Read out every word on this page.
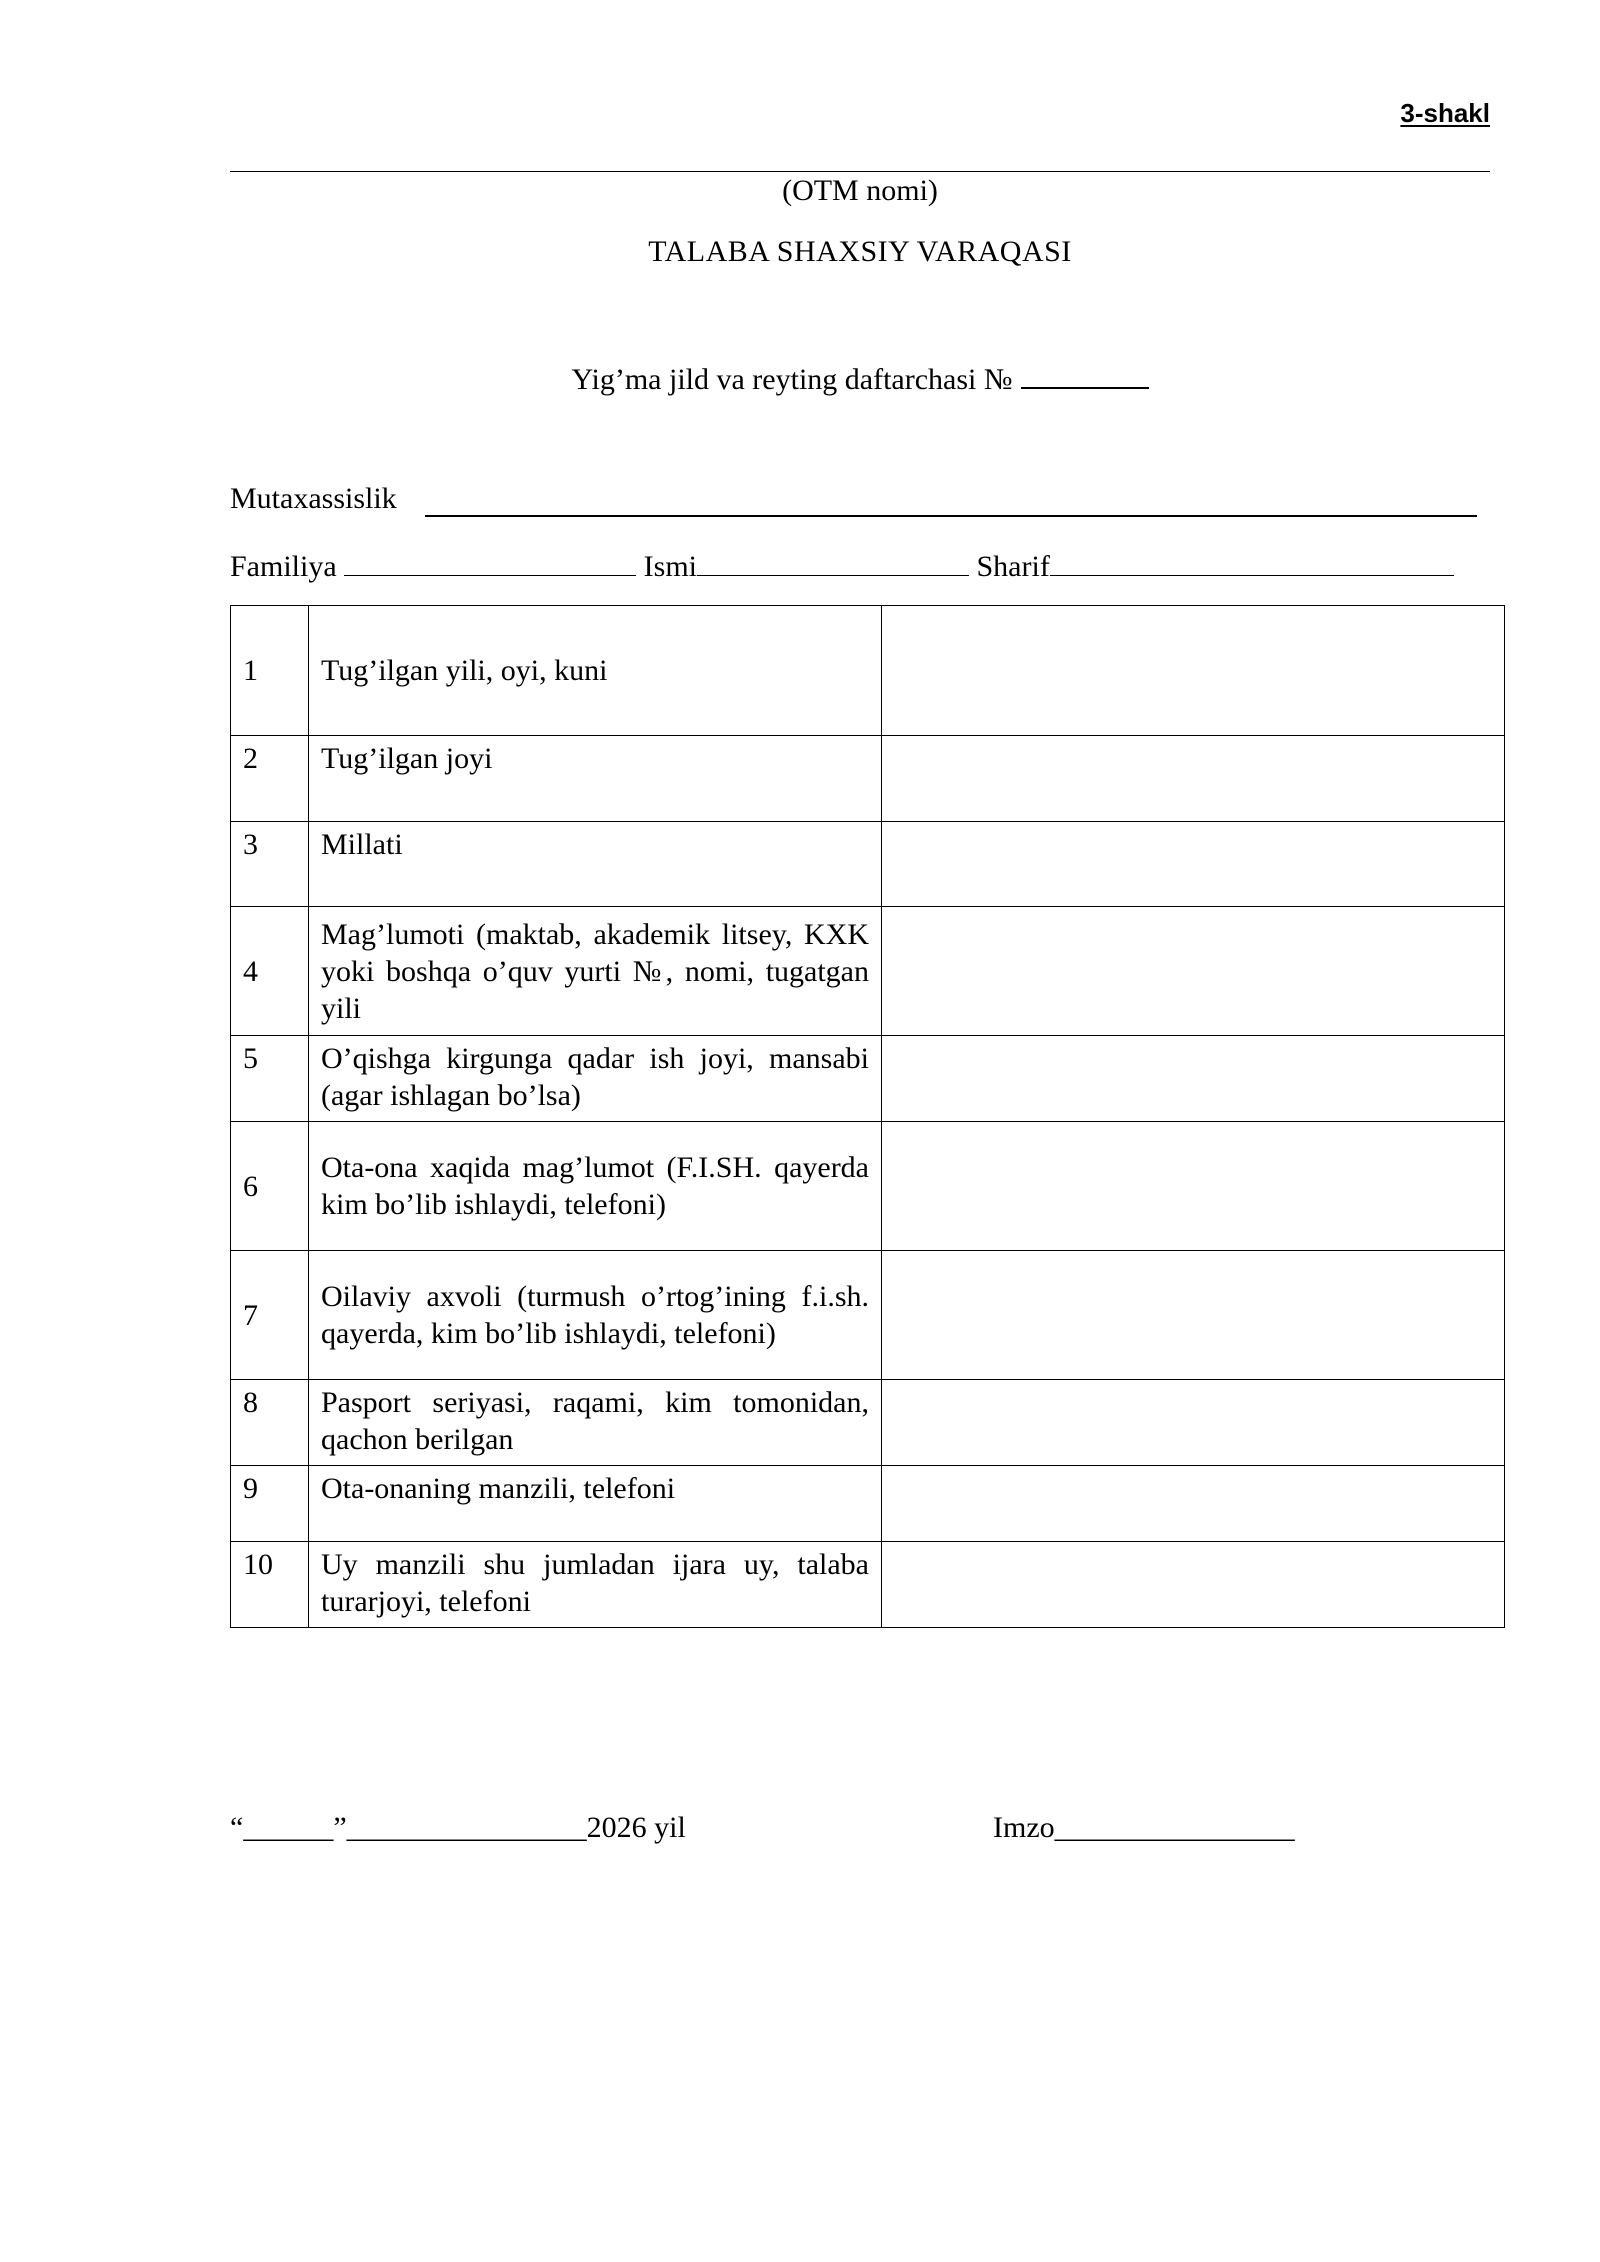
3-shakl
(OTM nomi)
TALABA SHAXSIY VARAQASI
Yig’ma jild va reyting daftarchasi №
Mutaxassislik
Familiya	Ismi	Sharif
1	Tug’ilgan yili, oyi, kuni	
2	Tug’ilgan joyi	
3	Millati	
4	Mag’lumoti (maktab, akademik litsey, KXK yoki boshqa o’quv yurti №, nomi, tugatgan yili	
5	O’qishga kirgunga qadar ish joyi, mansabi (agar ishlagan bo’lsa)	
6	Ota-ona xaqida mag’lumot (F.I.SH. qayerda kim bo’lib ishlaydi, telefoni)	
7	Oilaviy axvoli (turmush o’rtog’ining f.i.sh. qayerda, kim bo’lib ishlaydi, telefoni)	
8	Pasport seriyasi, raqami, kim tomonidan, qachon berilgan	
9	Ota-onaning manzili, telefoni	
10	Uy manzili shu jumladan ijara uy, talaba turarjoyi, telefoni	
“______”________________2026 yil	Imzo________________
